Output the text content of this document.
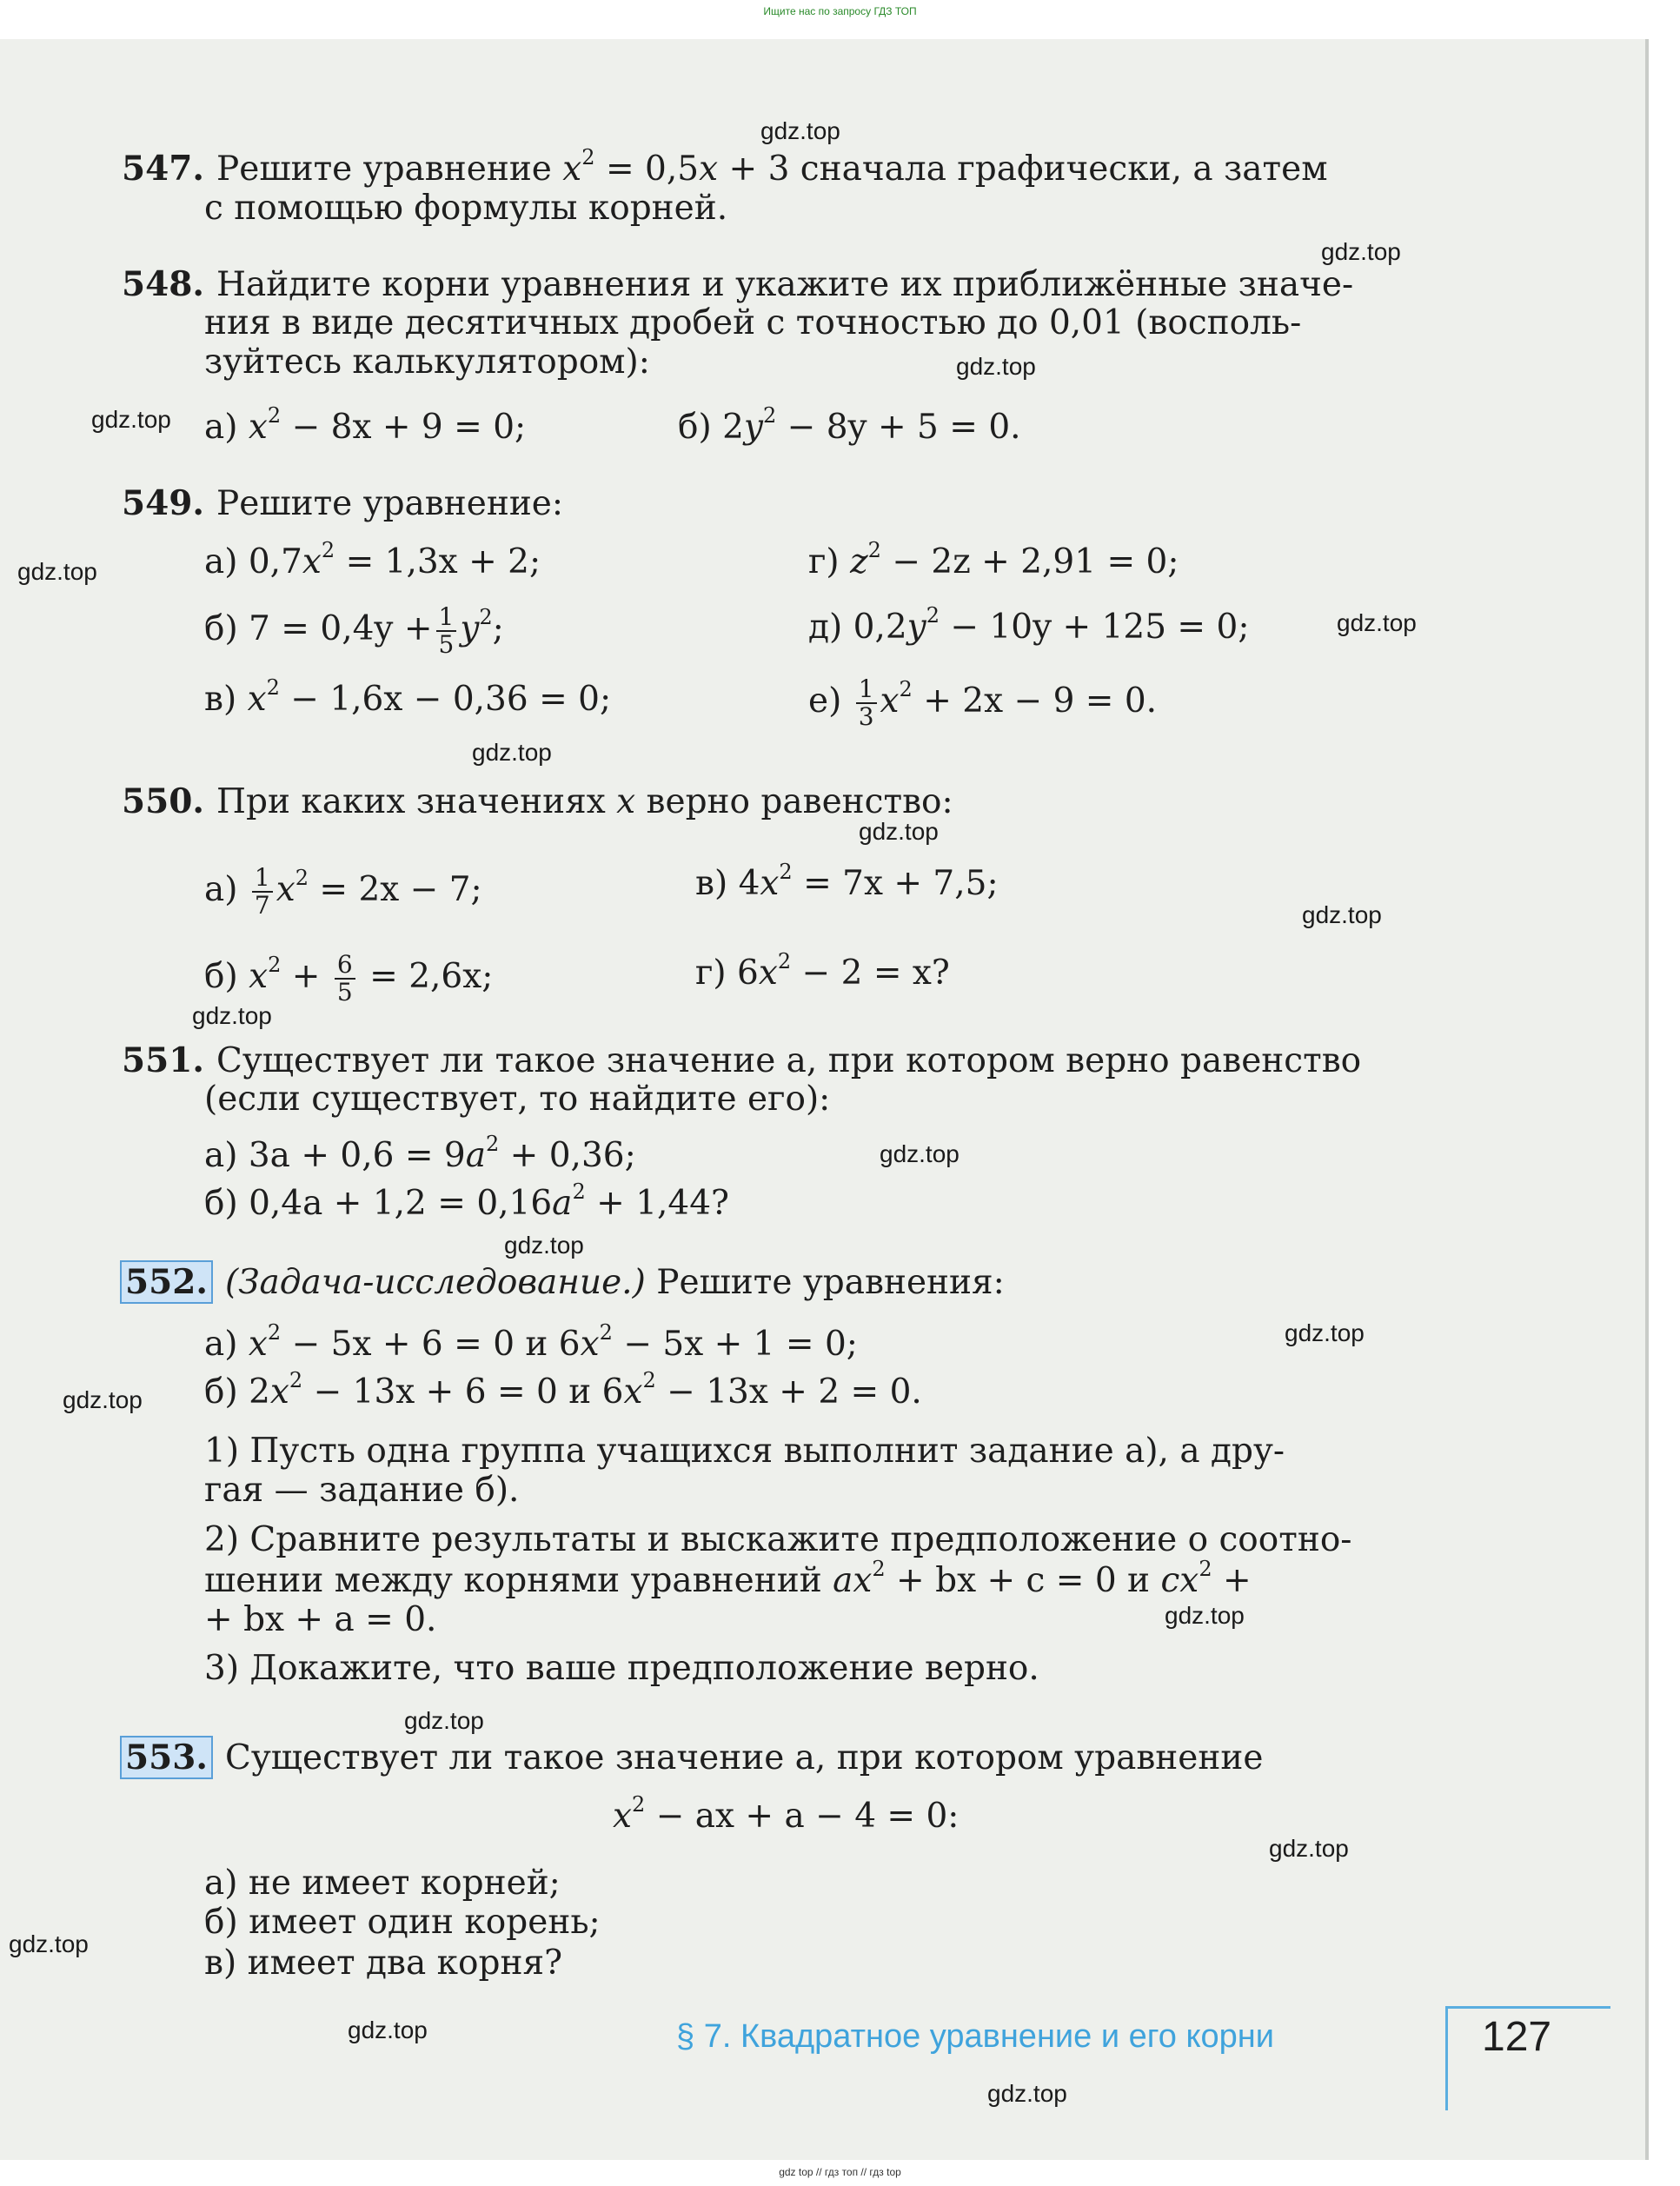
Ищите нас по запросу ГДЗ ТОП
547. Решите уравнение $x^2 = 0,5x + 3$ сначала графически, а затем
с помощью формулы корней.
548. Найдите корни уравнения и укажите их приближённые значе-
ния в виде десятичных дробей с точностью до 0,01 (восполь-
зуйтесь калькулятором):
а) $x^2 - 8x + 9 = 0$;	б) $2y^2 - 8y + 5 = 0$.
549. Решите уравнение:
а) $0,7x^2 = 1,3x + 2$;	г) $z^2 - 2z + 2,91 = 0$;
б) $7 = 0,4y + \frac{1}{5} y^2$;	д) $0,2y^2 - 10y + 125 = 0$;
в) $x^2 - 1,6x - 0,36 = 0$;	$е) \frac{1}{3} x^2 + 2x - 9 = 0$.
550. При каких значениях x верно равенство:
$а) \frac{1}{7} x^2 = 2x - 7$;	в) $4x^2 = 7x + 7,5$;
б) $x^2 + \frac{6}{5} = 2,6x$;	г) $6x^2 - 2 = x$?
551. Существует ли такое значение a, при котором верно равенство
(если существует, то найдите его):
а) $3a + 0,6 = 9a^2 + 0,36$;
б) $0,4a + 1,2 = 0,16a^2 + 1,44$?
552. (Задача-исследование.) Решите уравнения:
а) $x^2 - 5x + 6 = 0$ и $6x^2 - 5x + 1 = 0$;
б) $2x^2 - 13x + 6 = 0$ и $6x^2 - 13x + 2 = 0$.
1) Пусть одна группа учащихся выполнит задание а), а дру-
гая — задание б).
2) Сравните результаты и выскажите предположение о соотно-
шении между корнями уравнений $ax^2$ + bx + c = 0 и $cx^2$ +
+ bx + a = 0.
3) Докажите, что ваше предположение верно.
553. Существует ли такое значение a, при котором уравнение
$x^2$ − ax + a − 4 = 0:
а) не имеет корней;
б) имеет один корень;
в) имеет два корня?
§ 7. Квадратное уравнение и его корни	127
gdz.top
gdz.top
gdz.top
gdz.top
gdz.top
gdz.top
gdz.top
gdz.top
gdz.top
gdz.top
gdz.top
gdz.top
gdz.top
gdz.top
gdz.top
gdz.top
gdz.top
gdz.top
gdz.top
gdz.top
gdz top // гдз топ // гдз top
